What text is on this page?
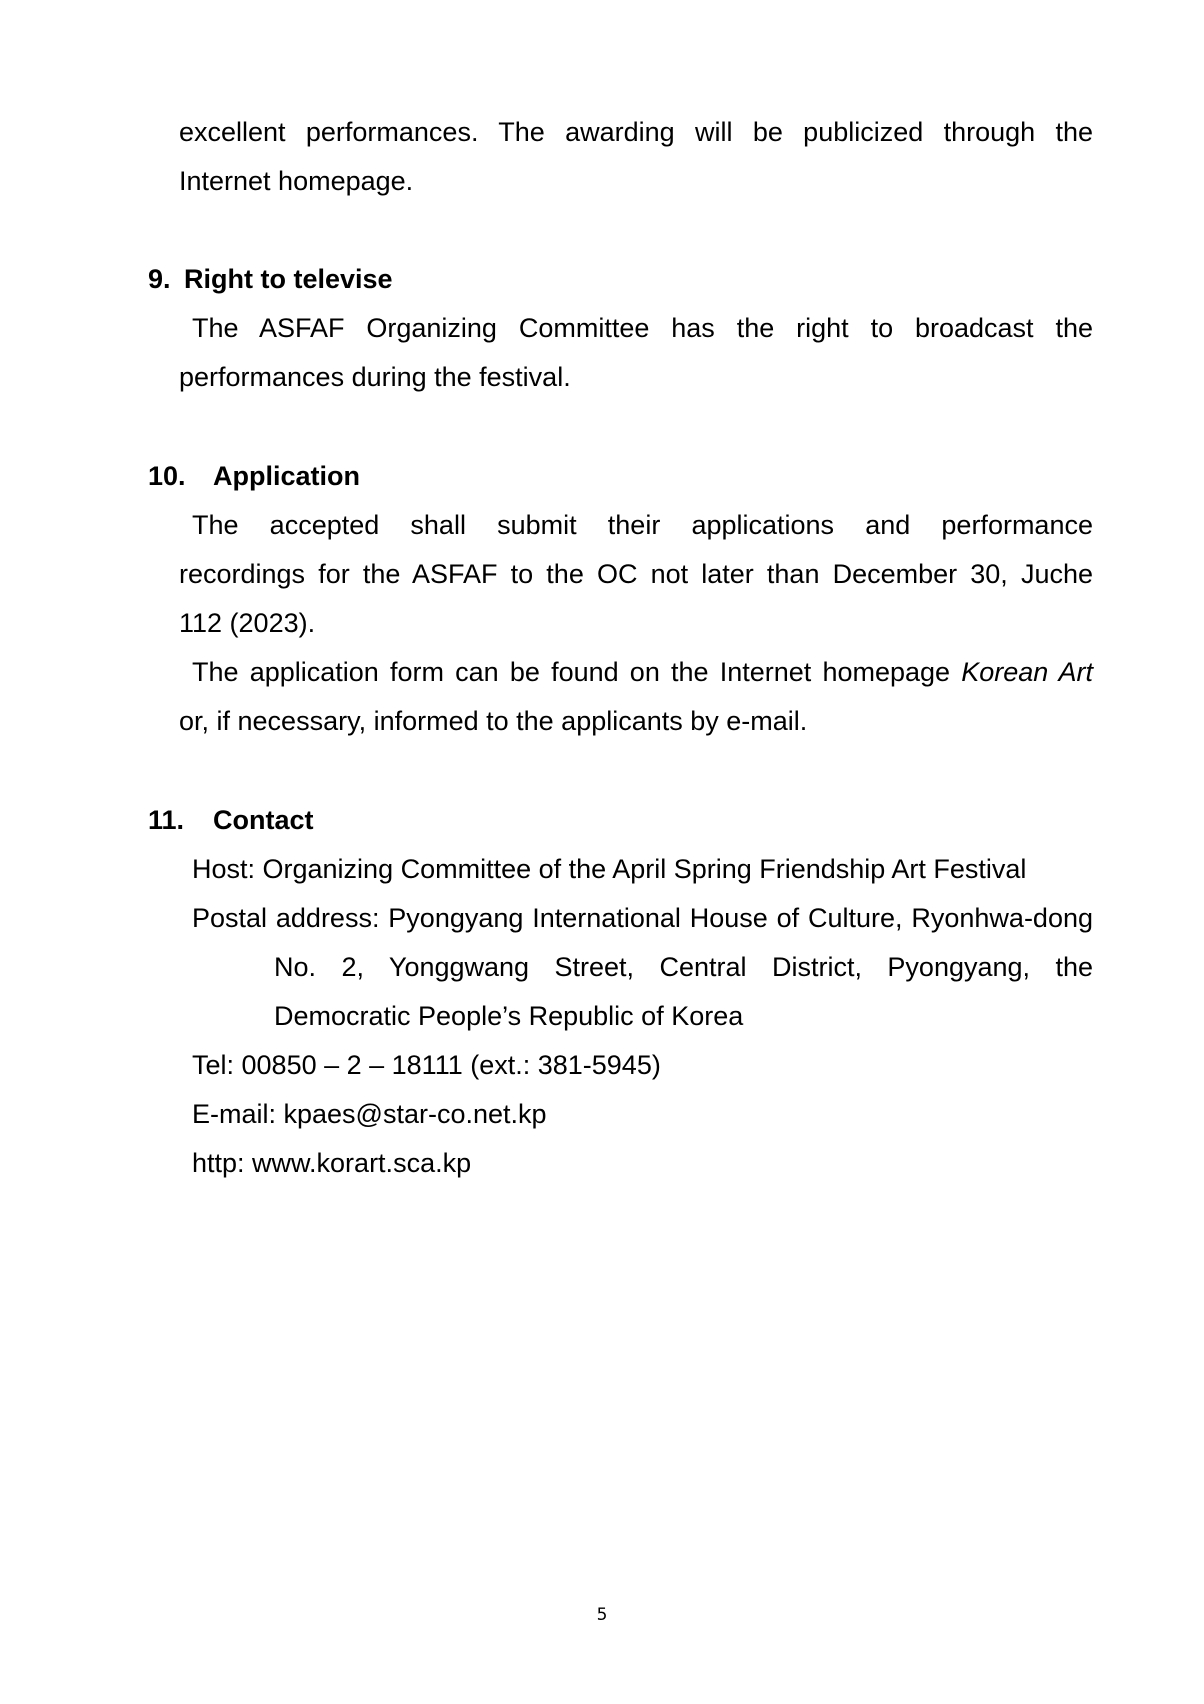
excellent performances. The awarding will be publicized through the
Internet homepage.
9. Right to televise
The ASFAF Organizing Committee has the right to broadcast the
performances during the festival.
10. Application
The accepted shall submit their applications and performance
recordings for the ASFAF to the OC not later than December 30, Juche
112 (2023).
The application form can be found on the Internet homepage Korean Art
or, if necessary, informed to the applicants by e-mail.
11. Contact
Host: Organizing Committee of the April Spring Friendship Art Festival
Postal address: Pyongyang International House of Culture, Ryonhwa-dong
No. 2, Yonggwang Street, Central District, Pyongyang, the
Democratic People’s Republic of Korea
Tel: 00850 – 2 – 18111 (ext.: 381-5945)
E-mail: kpaes@star-co.net.kp
http: www.korart.sca.kp
5
